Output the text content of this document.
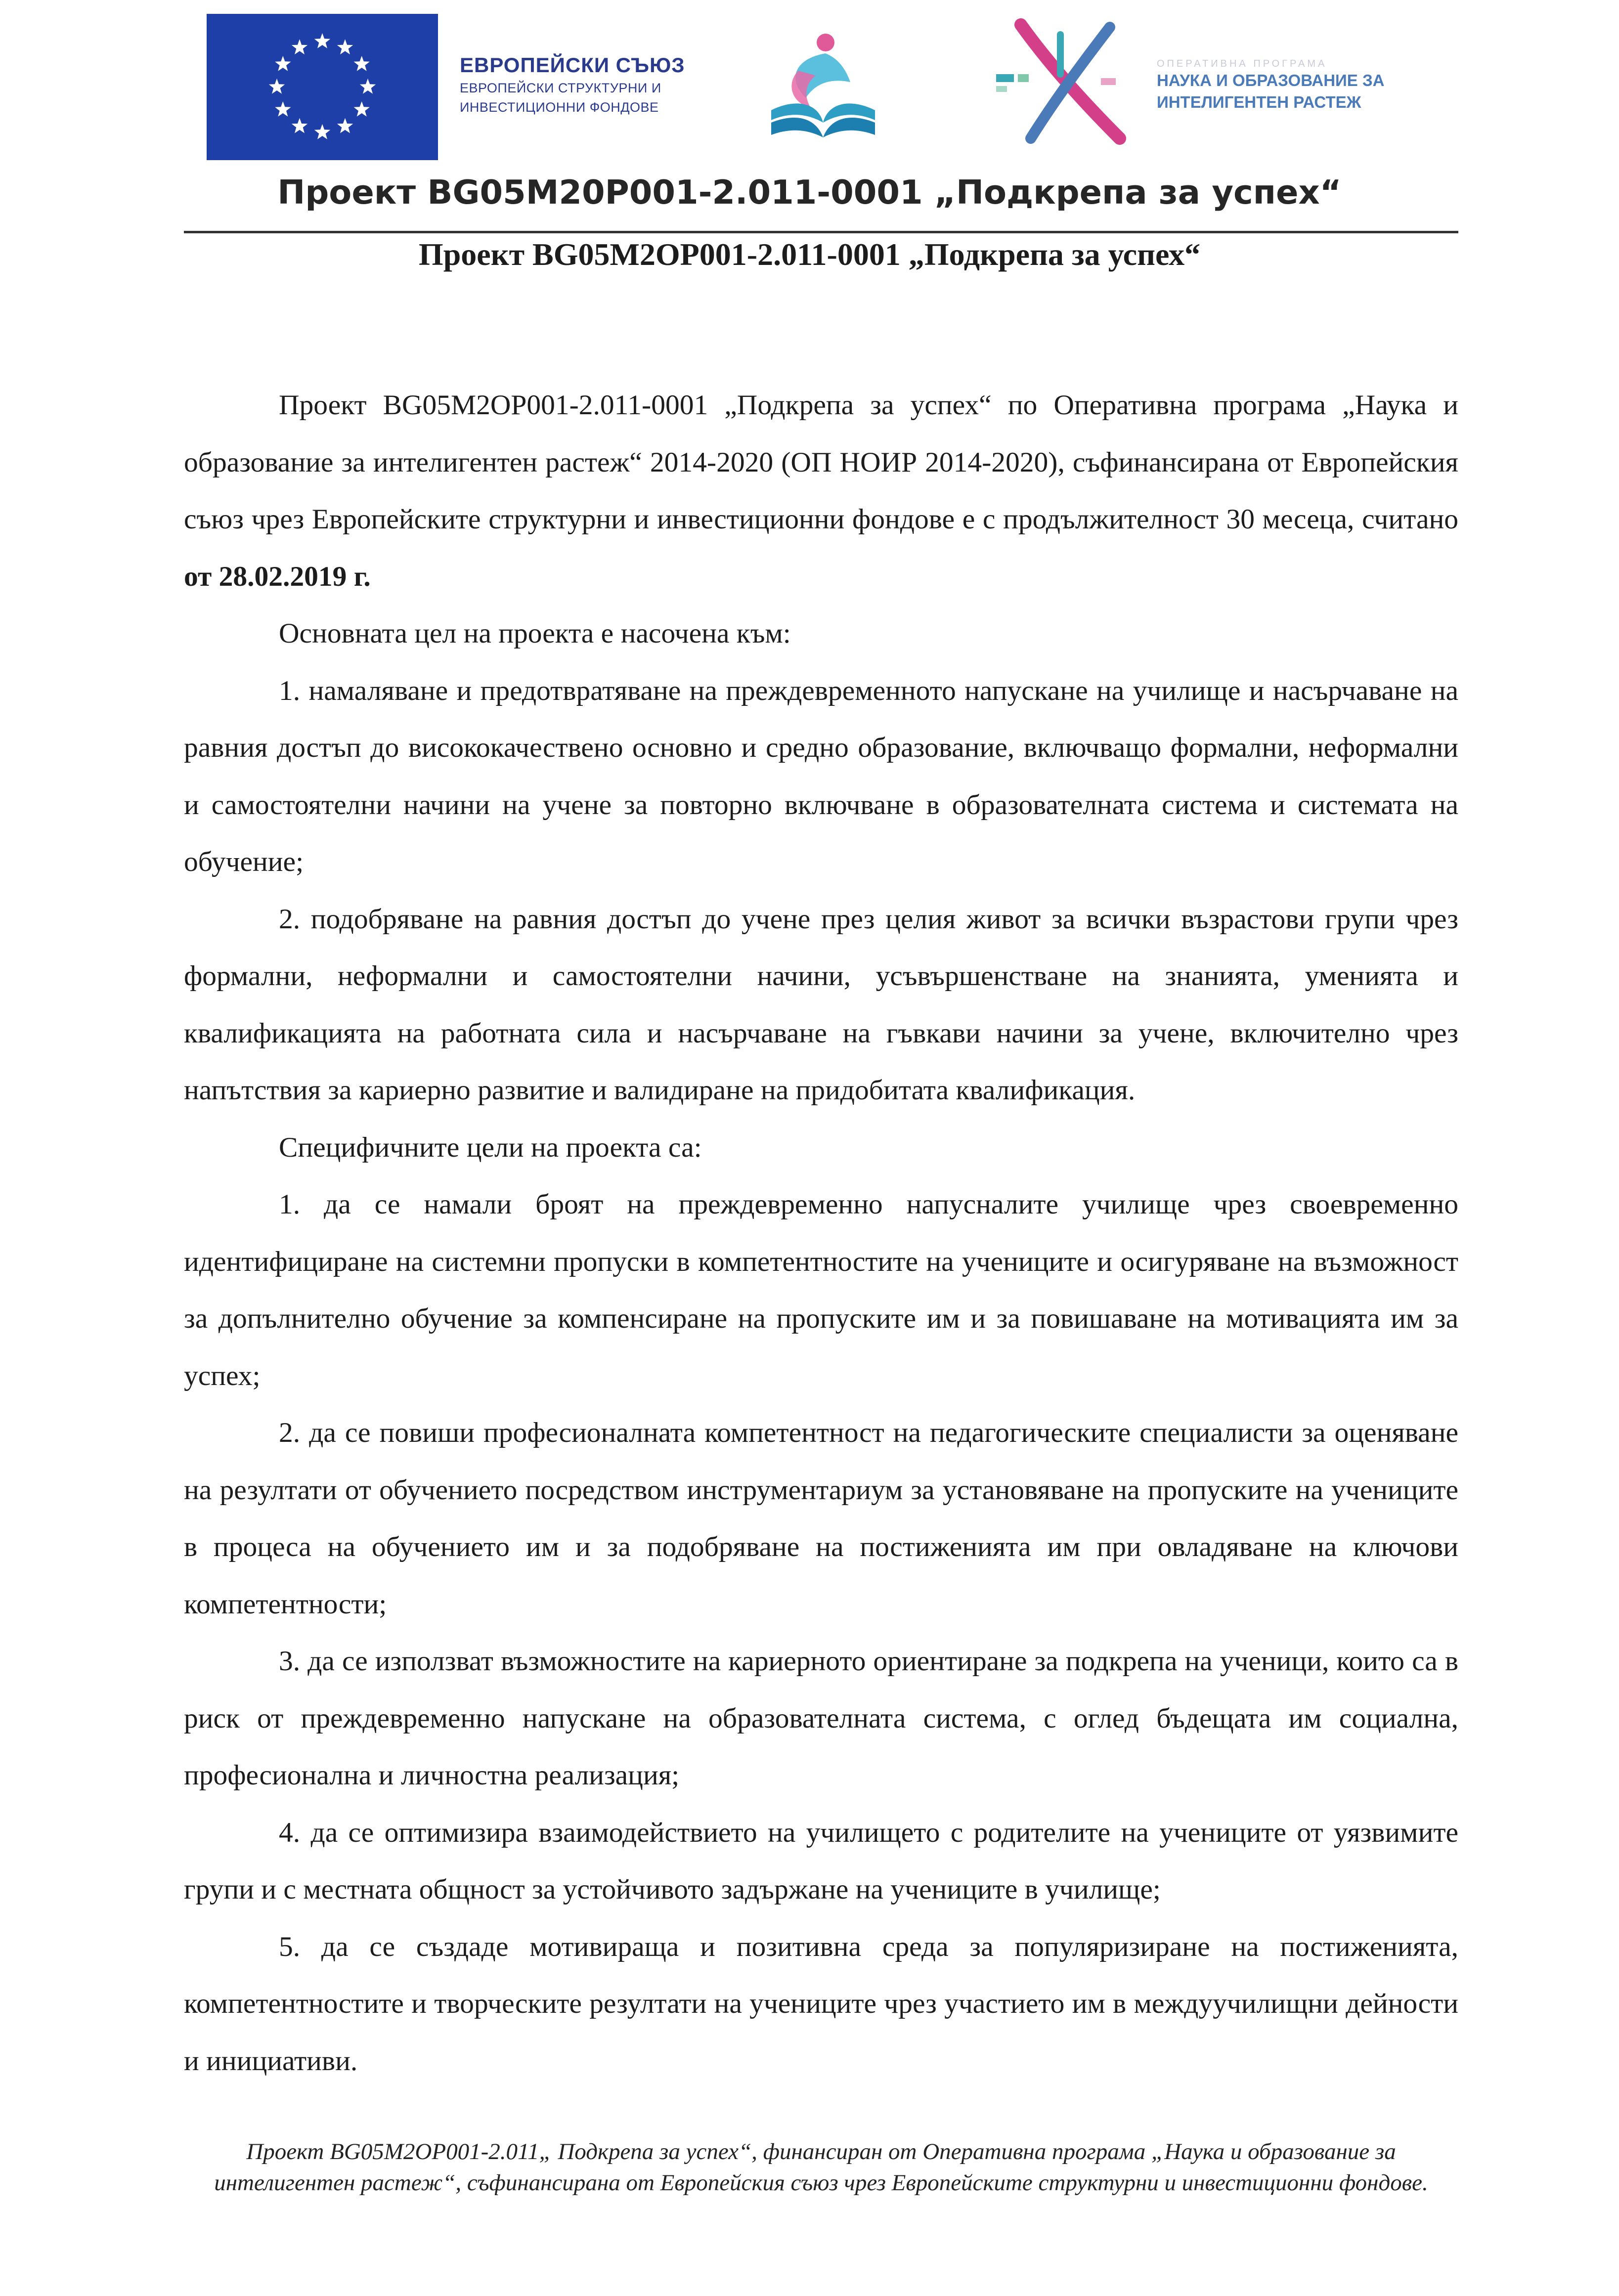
ЕВРОПЕЙСКИ СЪЮЗ
ЕВРОПЕЙСКИ СТРУКТУРНИ И
ИНВЕСТИЦИОННИ ФОНДОВЕ
ОПЕРАТИВНА ПРОГРАМА
НАУКА И ОБРАЗОВАНИЕ ЗА
ИНТЕЛИГЕНТЕН РАСТЕЖ
Проект BG05M20P001-2.011-0001 „Подкрепа за успех“
Проект BG05M2OP001-2.011-0001 „Подкрепа за успех“

Проект BG05M2OP001-2.011-0001 „Подкрепа за успех“ по Оперативна програма „Наука и образование за интелигентен растеж“ 2014-2020 (ОП НОИР 2014-2020), съфинансирана от Европейския съюз чрез Европейските структурни и инвестиционни фондове е с продължителност 30 месеца, считано от 28.02.2019 г.

Основната цел на проекта е насочена към:

1. намаляване и предотвратяване на преждевременното напускане на училище и насърчаване на равния достъп до висококачествено основно и средно образование, включващо формални, неформални и самостоятелни начини на учене за повторно включване в образователната система и системата на обучение;

2. подобряване на равния достъп до учене през целия живот за всички възрастови групи чрез формални, неформални и самостоятелни начини, усъвършенстване на знанията, уменията и квалификацията на работната сила и насърчаване на гъвкави начини за учене, включително чрез напътствия за кариерно развитие и валидиране на придобитата квалификация.

Специфичните цели на проекта са:

1. да се намали броят на преждевременно напусналите училище чрез своевременно идентифициране на системни пропуски в компетентностите на учениците и осигуряване на възможност за допълнително обучение за компенсиране на пропуските им и за повишаване на мотивацията им за успех;

2. да се повиши професионалната компетентност на педагогическите специалисти за оценяване на резултати от обучението посредством инструментариум за установяване на пропуските на учениците в процеса на обучението им и за подобряване на постиженията им при овладяване на ключови компетентности;

3. да се използват възможностите на кариерното ориентиране за подкрепа на ученици, които са в риск от преждевременно напускане на образователната система, с оглед бъдещата им социална, професионална и личностна реализация;

4. да се оптимизира взаимодействието на училището с родителите на учениците от уязвимите групи и с местната общност за устойчивото задържане на учениците в училище;

5. да се създаде мотивираща и позитивна среда за популяризиране на постиженията, компетентностите и творческите резултати на учениците чрез участието им в междуучилищни дейности и инициативи.

Проект BG05M2OP001-2.011„ Подкрепа за успех“, финансиран от Оперативна програма „Наука и образование за интелигентен растеж“, съфинансирана от Европейския съюз чрез Европейските структурни и инвестиционни фондове.
